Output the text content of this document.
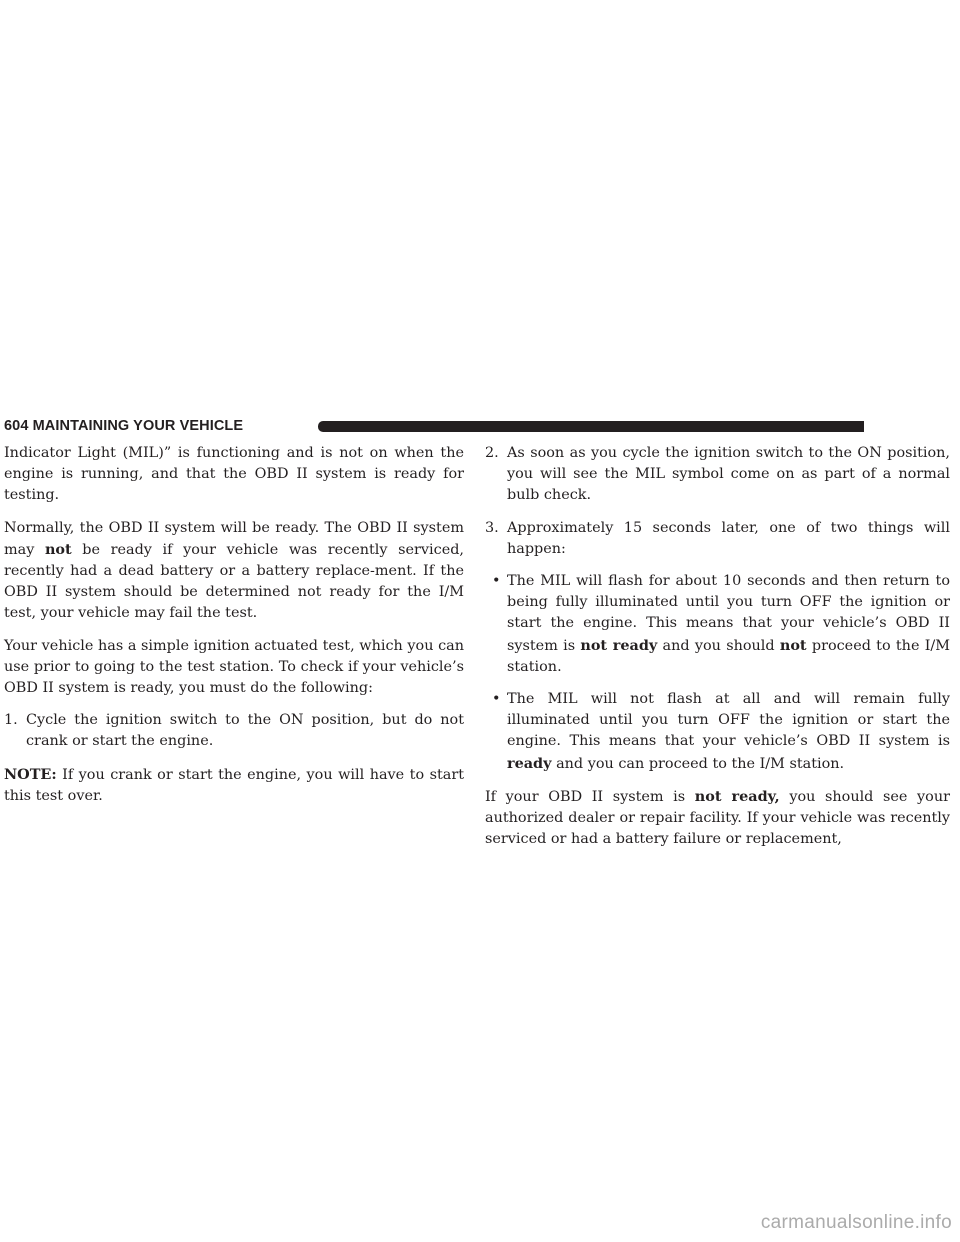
604 MAINTAINING YOUR VEHICLE

Indicator Light (MIL)” is functioning and is not on when the engine is running, and that the OBD II system is ready for testing.

Normally, the OBD II system will be ready. The OBD II system may not be ready if your vehicle was recently serviced, recently had a dead battery or a battery replace-ment. If the OBD II system should be determined not ready for the I/M test, your vehicle may fail the test.

Your vehicle has a simple ignition actuated test, which you can use prior to going to the test station. To check if your vehicle’s OBD II system is ready, you must do the following:

1. Cycle the ignition switch to the ON position, but do not crank or start the engine.

NOTE: If you crank or start the engine, you will have to start this test over.

2. As soon as you cycle the ignition switch to the ON position, you will see the MIL symbol come on as part of a normal bulb check.

3. Approximately 15 seconds later, one of two things will happen:

• The MIL will flash for about 10 seconds and then return to being fully illuminated until you turn OFF the ignition or start the engine. This means that your vehicle’s OBD II system is not ready and you should not proceed to the I/M station.

• The MIL will not flash at all and will remain fully illuminated until you turn OFF the ignition or start the engine. This means that your vehicle’s OBD II system is ready and you can proceed to the I/M station.

If your OBD II system is not ready, you should see your authorized dealer or repair facility. If your vehicle was recently serviced or had a battery failure or replacement,

carmanualsonline.info
